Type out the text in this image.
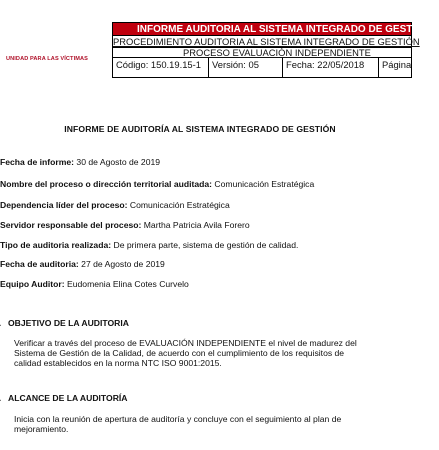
UNIDAD PARA LAS VÍCTIMAS
INFORME AUDITORIA AL SISTEMA INTEGRADO DE GESTIÓN
PROCEDIMIENTO AUDITORIA AL SISTEMA INTEGRADO DE GESTIÓN
PROCESO EVALUACIÓN INDEPENDIENTE
Código: 150.19.15-1	Versión: 05	Fecha: 22/05/2018	Página
INFORME DE AUDITORÍA AL SISTEMA INTEGRADO DE GESTIÓN
Fecha de informe: 30 de Agosto de 2019
Nombre del proceso o dirección territorial auditada: Comunicación Estratégica
Dependencia líder del proceso: Comunicación Estratégica
Servidor responsable del proceso: Martha Patricia Avila Forero
Tipo de auditoria realizada: De primera parte, sistema de gestión de calidad.
Fecha de auditoria: 27 de Agosto de 2019
Equipo Auditor: Eudomenia Elina Cotes Curvelo
OBJETIVO DE LA AUDITORIA
Verificar a través del proceso de EVALUACIÓN INDEPENDIENTE el nivel de madurez del
Sistema de Gestión de la Calidad, de acuerdo con el cumplimiento de los requisitos de
calidad establecidos en la norma NTC ISO 9001:2015.
ALCANCE DE LA AUDITORÍA
Inicia con la reunión de apertura de auditoría y concluye con el seguimiento al plan de
mejoramiento.
